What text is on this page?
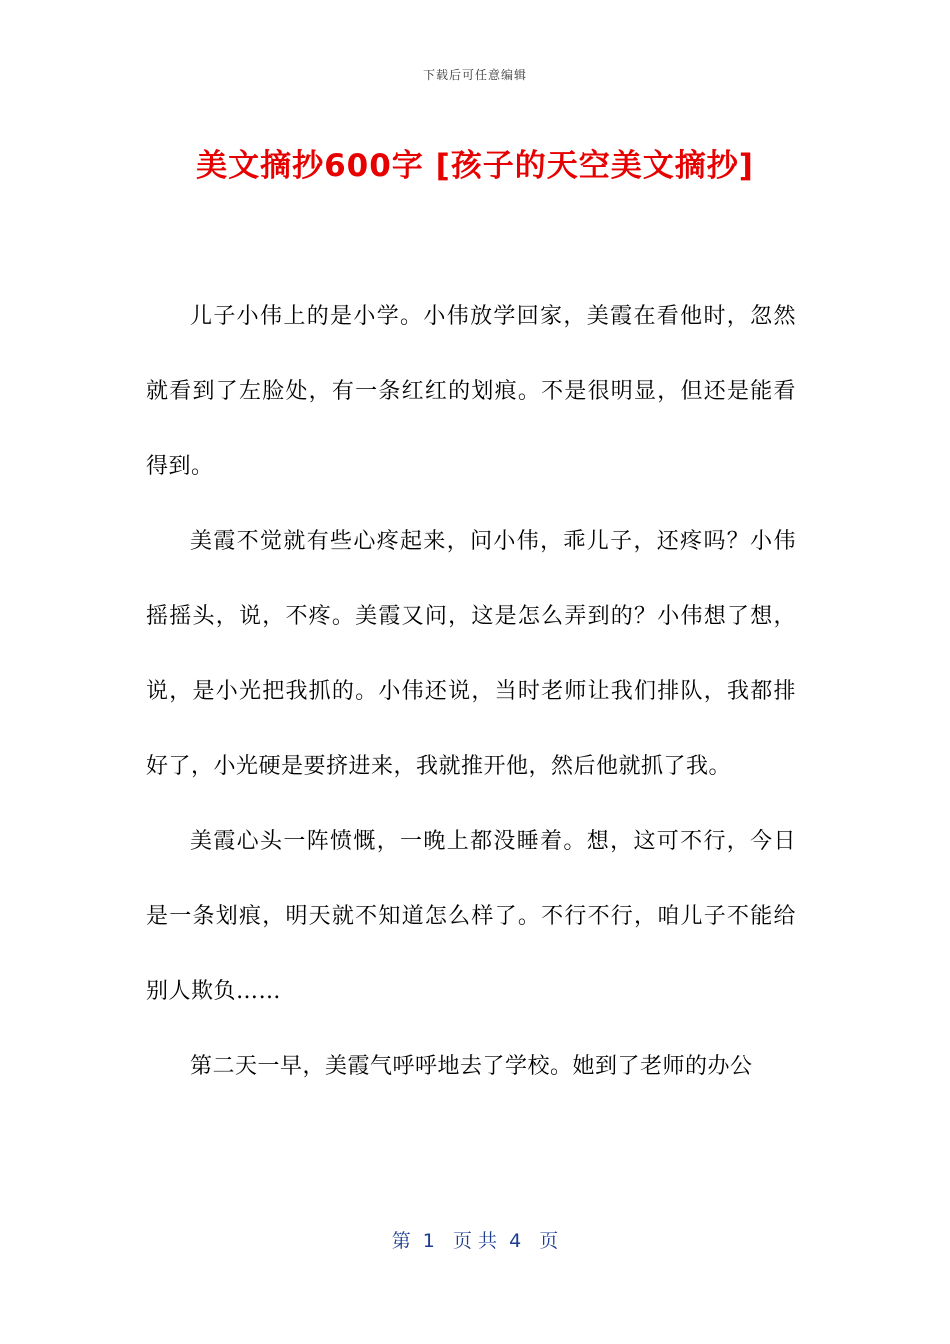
下载后可任意编辑
美文摘抄600字 [孩子的天空美文摘抄]

儿子小伟上的是小学。小伟放学回家，美霞在看他时，忽然就看到了左脸处，有一条红红的划痕。不是很明显，但还是能看得到。

美霞不觉就有些心疼起来，问小伟，乖儿子，还疼吗？小伟摇摇头，说，不疼。美霞又问，这是怎么弄到的？小伟想了想，说，是小光把我抓的。小伟还说，当时老师让我们排队，我都排好了，小光硬是要挤进来，我就推开他，然后他就抓了我。

美霞心头一阵愤慨，一晚上都没睡着。想，这可不行，今日是一条划痕，明天就不知道怎么样了。不行不行，咱儿子不能给别人欺负……

第二天一早，美霞气呼呼地去了学校。她到了老师的办公

第  1   页 共  4   页
